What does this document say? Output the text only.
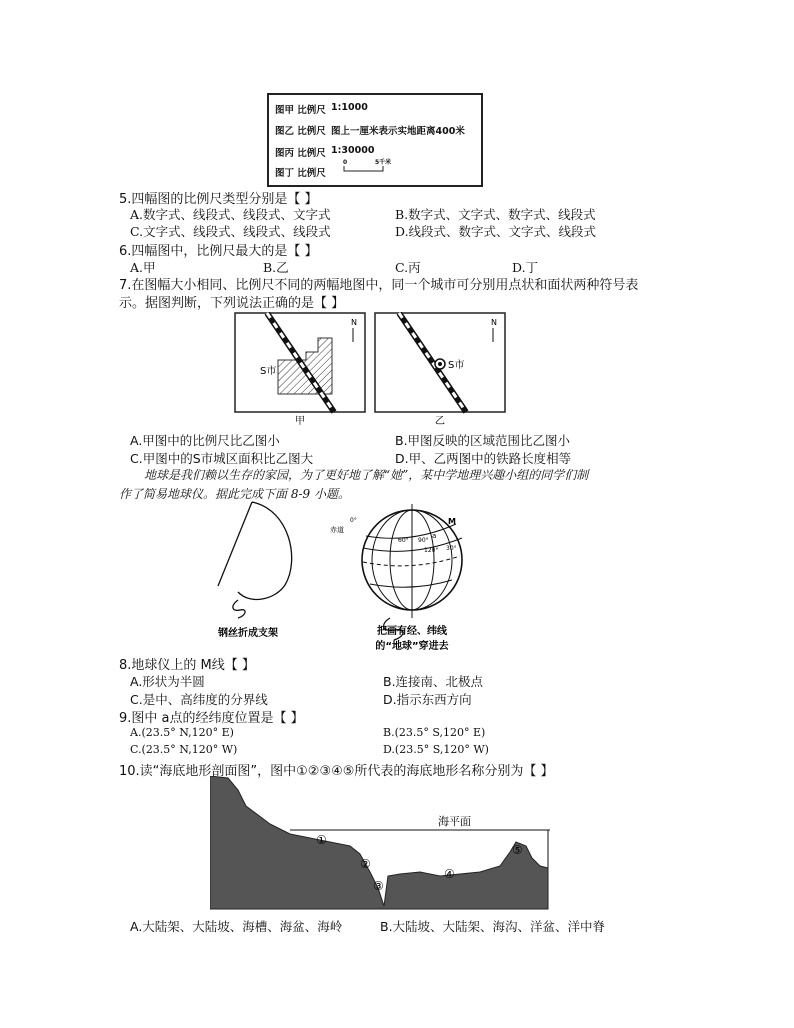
图甲 比例尺 1:1000
图乙 比例尺 图上一厘米表示实地距离400米
图丙 比例尺 1:30000
图丁 比例尺
0	5千米
5.四幅图的比例尺类型分别是【 】
A.数字式、线段式、线段式、文字式	B.数字式、文字式、数字式、线段式
C.文字式、线段式、线段式、线段式	D.线段式、数字式、文字式、线段式
6.四幅图中，比例尺最大的是【 】
A.甲	B.乙	C.丙	D.丁
7.在图幅大小相同、比例尺不同的两幅地图中，同一个城市可分别用点状和面状两种符号表
示。据图判断，下列说法正确的是【 】
S市
N
甲
S市
N
乙
A.甲图中的比例尺比乙图小	B.甲图反映的区域范围比乙图小
C.甲图中的S市城区面积比乙图大	D.甲、乙两图中的铁路长度相等
地球是我们赖以生存的家园，为了更好地了解“她”，某中学地理兴趣小组的同学们制
作了简易地球仪。据此完成下面 8-9 小题。
钢丝折成支架
赤道
0°
60° 90°
120° 30°
a
M
把画有经、纬线
的“地球”穿进去
8.地球仪上的 M线【 】
A.形状为半圆	B.连接南、北极点
C.是中、高纬度的分界线	D.指示东西方向
9.图中 a点的经纬度位置是【 】
A.(23.5° N,120° E)	B.(23.5° S,120° E)
C.(23.5° N,120° W)	D.(23.5° S,120° W)
10.读“海底地形剖面图”，图中①②③④⑤所代表的海底地形名称分别为【 】
海平面
①
②
③
④
⑤
A.大陆架、大陆坡、海槽、海盆、海岭	B.大陆坡、大陆架、海沟、洋盆、洋中脊
